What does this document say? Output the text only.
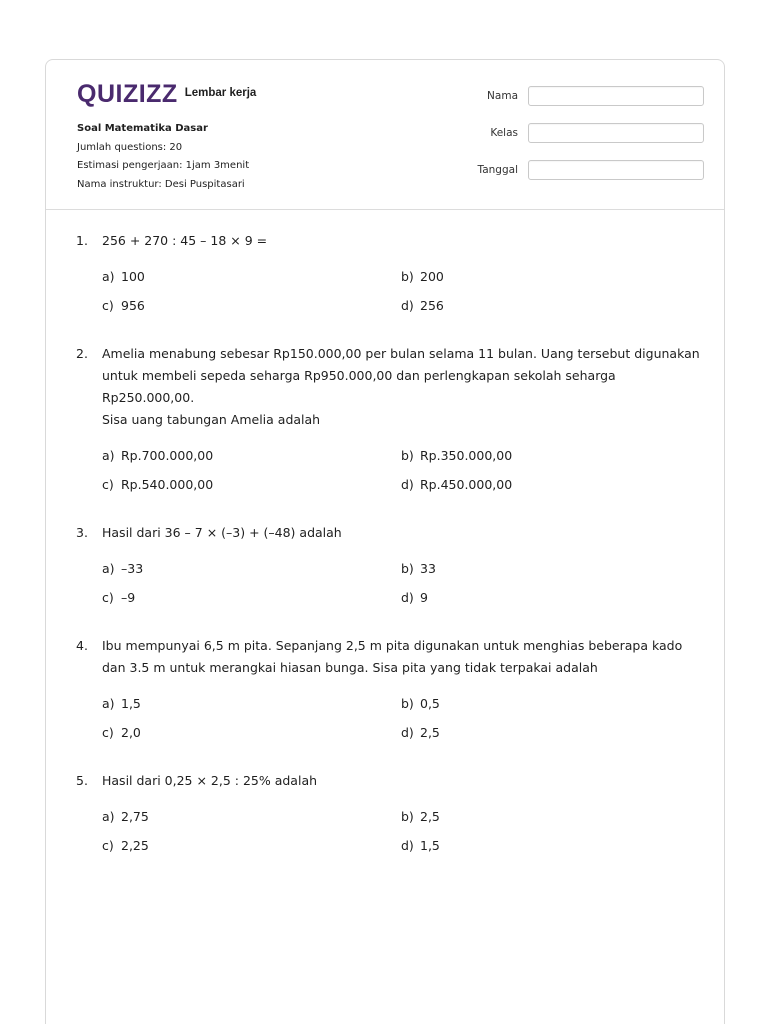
QUIZIZZ Lembar kerja
Soal Matematika Dasar
Jumlah questions: 20
Estimasi pengerjaan: 1jam 3menit
Nama instruktur: Desi Puspitasari
Nama
Kelas
Tanggal
1.	256 + 270 : 45 – 18 × 9 =
a) 100	b) 200
c) 956	d) 256
2.	Amelia menabung sebesar Rp150.000,00 per bulan selama 11 bulan. Uang tersebut digunakan
untuk membeli sepeda seharga Rp950.000,00 dan perlengkapan sekolah seharga
Rp250.000,00.
Sisa uang tabungan Amelia adalah
a) Rp.700.000,00	b) Rp.350.000,00
c) Rp.540.000,00	d) Rp.450.000,00
3.	Hasil dari 36 – 7 × (–3) + (–48) adalah
a) –33	b) 33
c) –9	d) 9
4.	Ibu mempunyai 6,5 m pita. Sepanjang 2,5 m pita digunakan untuk menghias beberapa kado
dan 3.5 m untuk merangkai hiasan bunga. Sisa pita yang tidak terpakai adalah
a) 1,5	b) 0,5
c) 2,0	d) 2,5
5.	Hasil dari 0,25 × 2,5 : 25% adalah
a) 2,75	b) 2,5
c) 2,25	d) 1,5
